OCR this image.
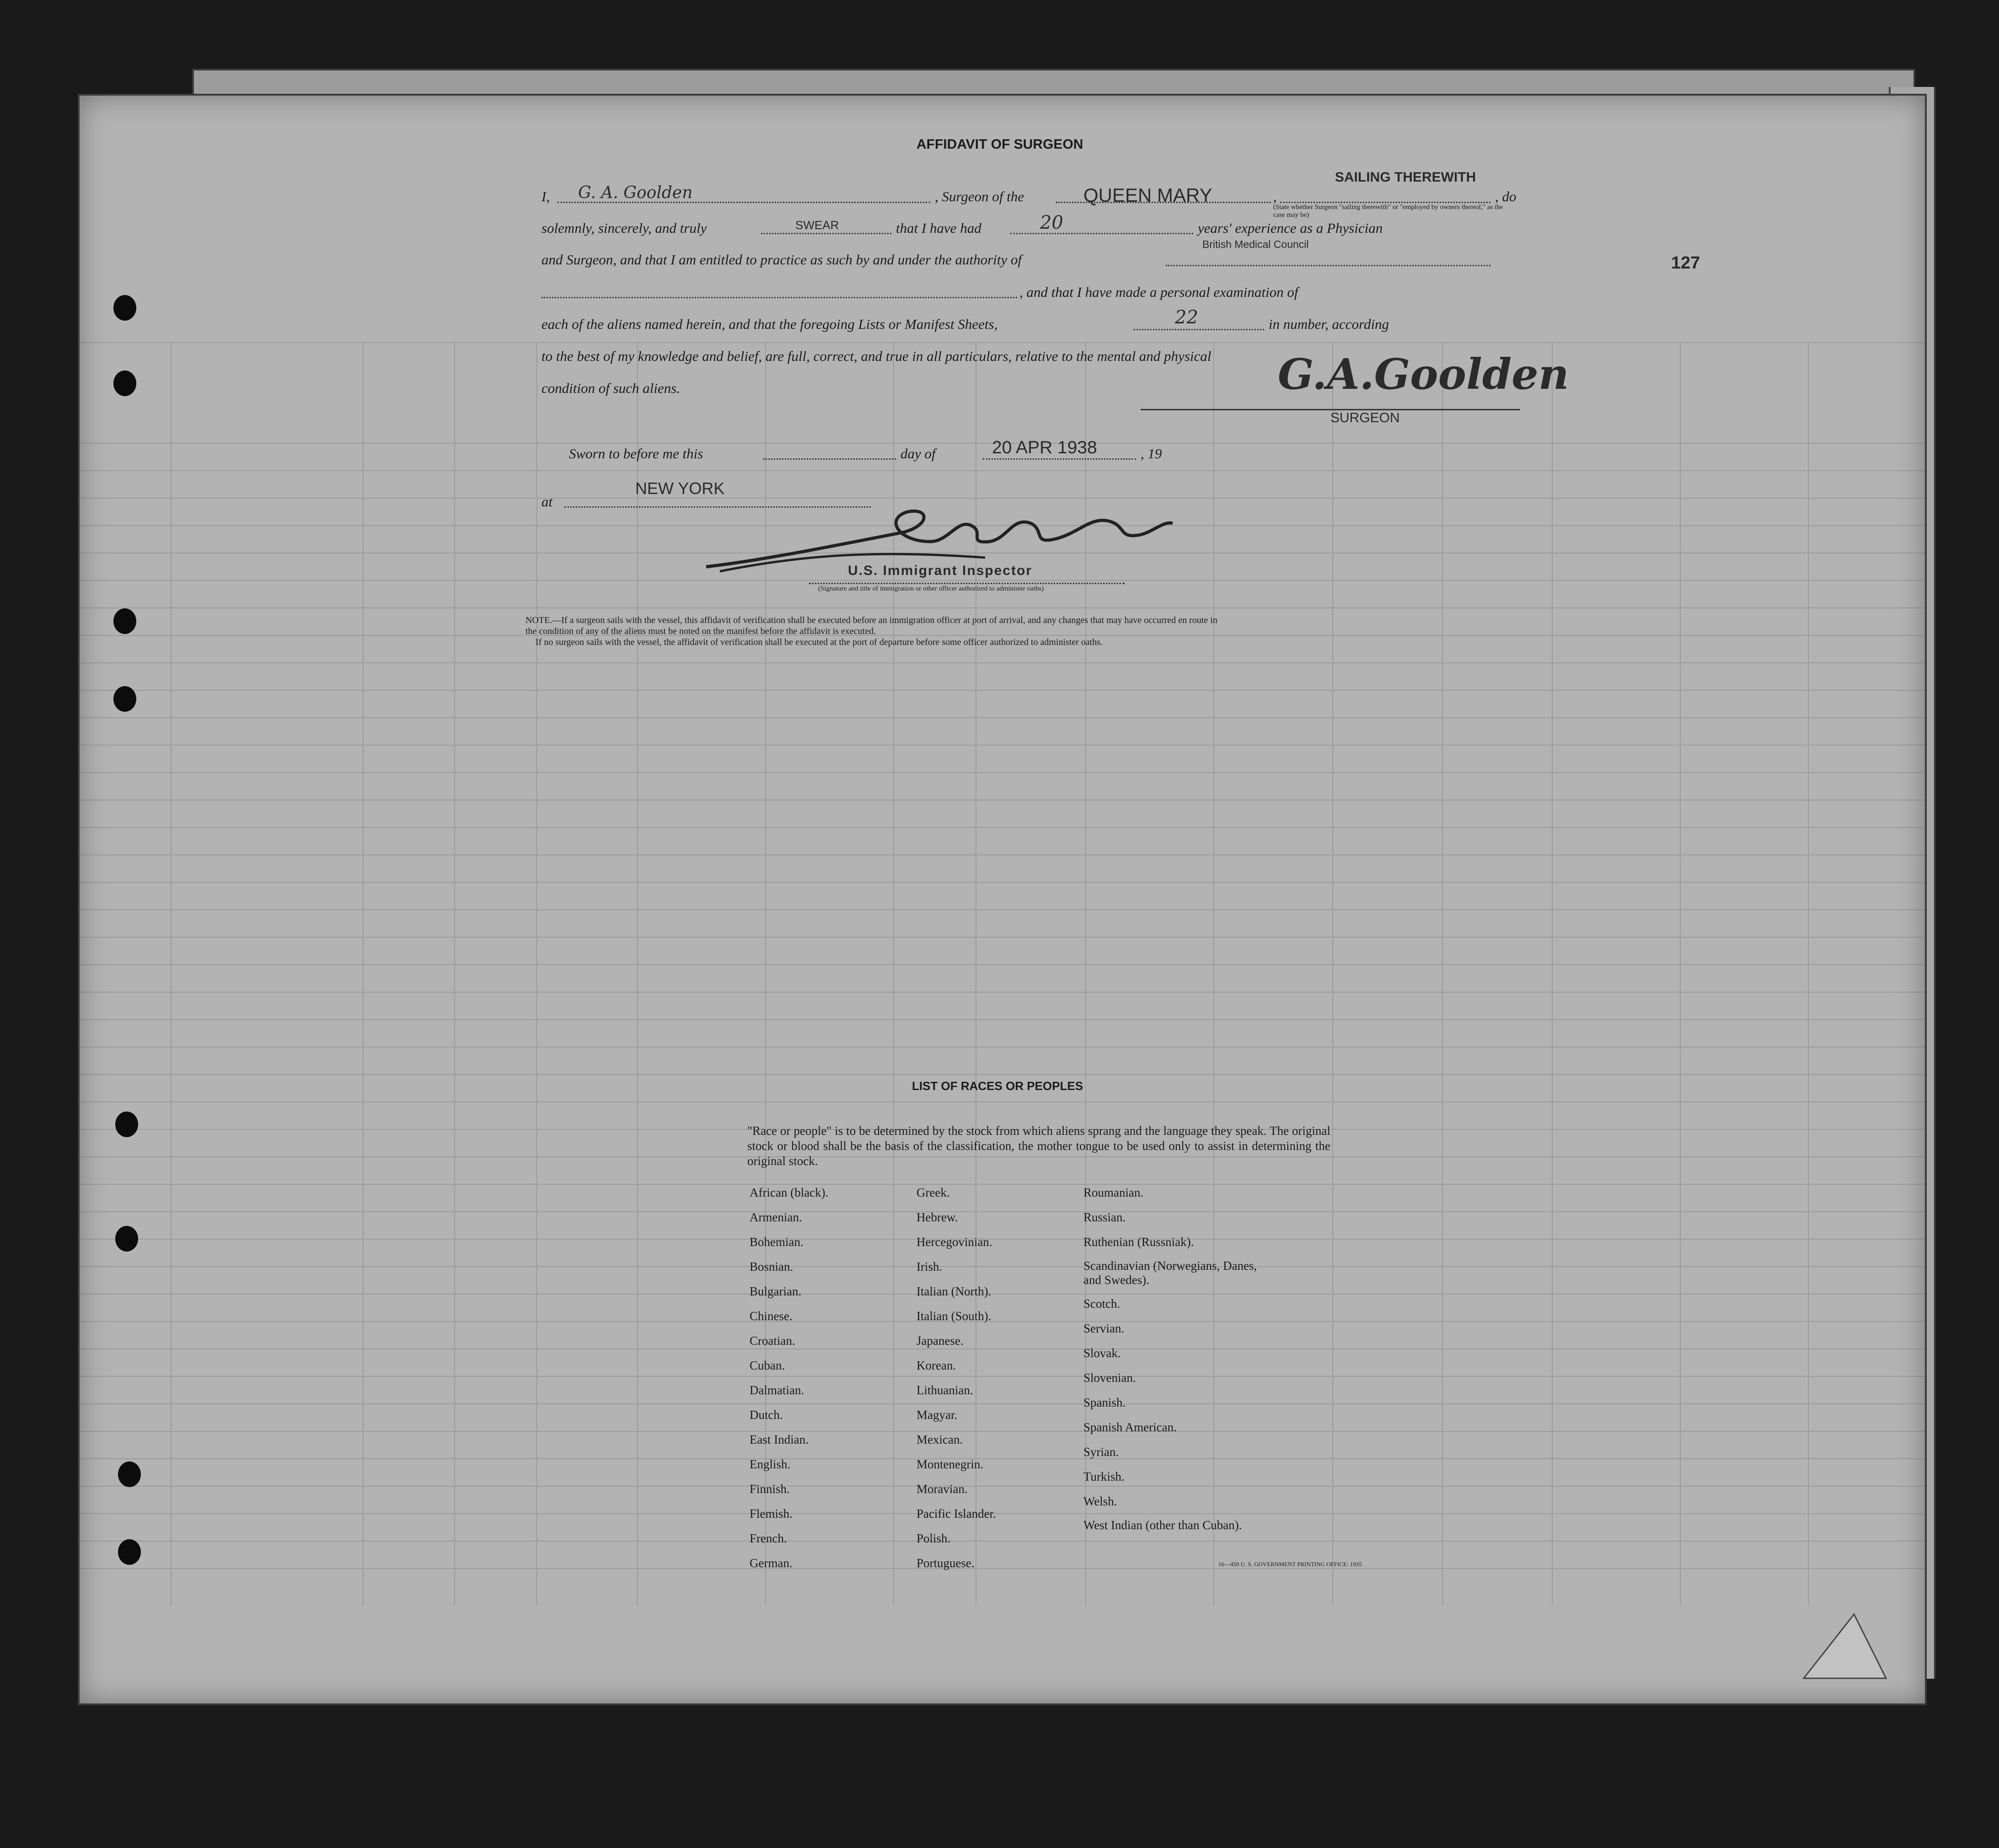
AFFIDAVIT OF SURGEON
I, G. A. Goolden	, Surgeon of the	QUEEN MARY	,
SAILING THEREWITH
(State whether Surgeon "sailing therewith" or "employed by owners thereof," as the case may be)
, do
solemnly, sincerely, and truly	SWEAR	that I have had	20	years' experience as a Physician
and Surgeon, and that I am entitled to practice as such by and under the authority of
British Medical Council
, and that I have made a personal examination of
each of the aliens named herein, and that the foregoing Lists or Manifest Sheets,	22	in number, according
to the best of my knowledge and belief, are full, correct, and true in all particulars, relative to the mental and physical
condition of such aliens.	G.A.Goolden
SURGEON
Sworn to before me this	day of	20 APR 1938	, 19
at
NEW YORK
U.S. Immigrant Inspector
(Signature and title of immigration or other officer authorized to administer oaths)
NOTE.—If a surgeon sails with the vessel, this affidavit of verification shall be executed before an immigration officer at port of arrival, and any changes that may have occurred en route in
the condition of any of the aliens must be noted on the manifest before the affidavit is executed.
If no surgeon sails with the vessel, the affidavit of verification shall be executed at the port of departure before some officer authorized to administer oaths.
127
LIST OF RACES OR PEOPLES
"Race or people" is to be determined by the stock from which aliens sprang and the language they speak. The original stock or blood shall be the basis of the classification, the mother tongue to be used only to assist in determining the original stock.
African (black).
Armenian.
Bohemian.
Bosnian.
Bulgarian.
Chinese.
Croatian.
Cuban.
Dalmatian.
Dutch.
East Indian.
English.
Finnish.
Flemish.
French.
German.
Greek.
Hebrew.
Hercegovinian.
Irish.
Italian (North).
Italian (South).
Japanese.
Korean.
Lithuanian.
Magyar.
Mexican.
Montenegrin.
Moravian.
Pacific Islander.
Polish.
Portuguese.
Roumanian.
Russian.
Ruthenian (Russniak).
Scandinavian (Norwegians, Danes, and Swedes).
Scotch.
Servian.
Slovak.
Slovenian.
Spanish.
Spanish American.
Syrian.
Turkish.
Welsh.
West Indian (other than Cuban).
16—450 U. S. GOVERNMENT PRINTING OFFICE: 1935
